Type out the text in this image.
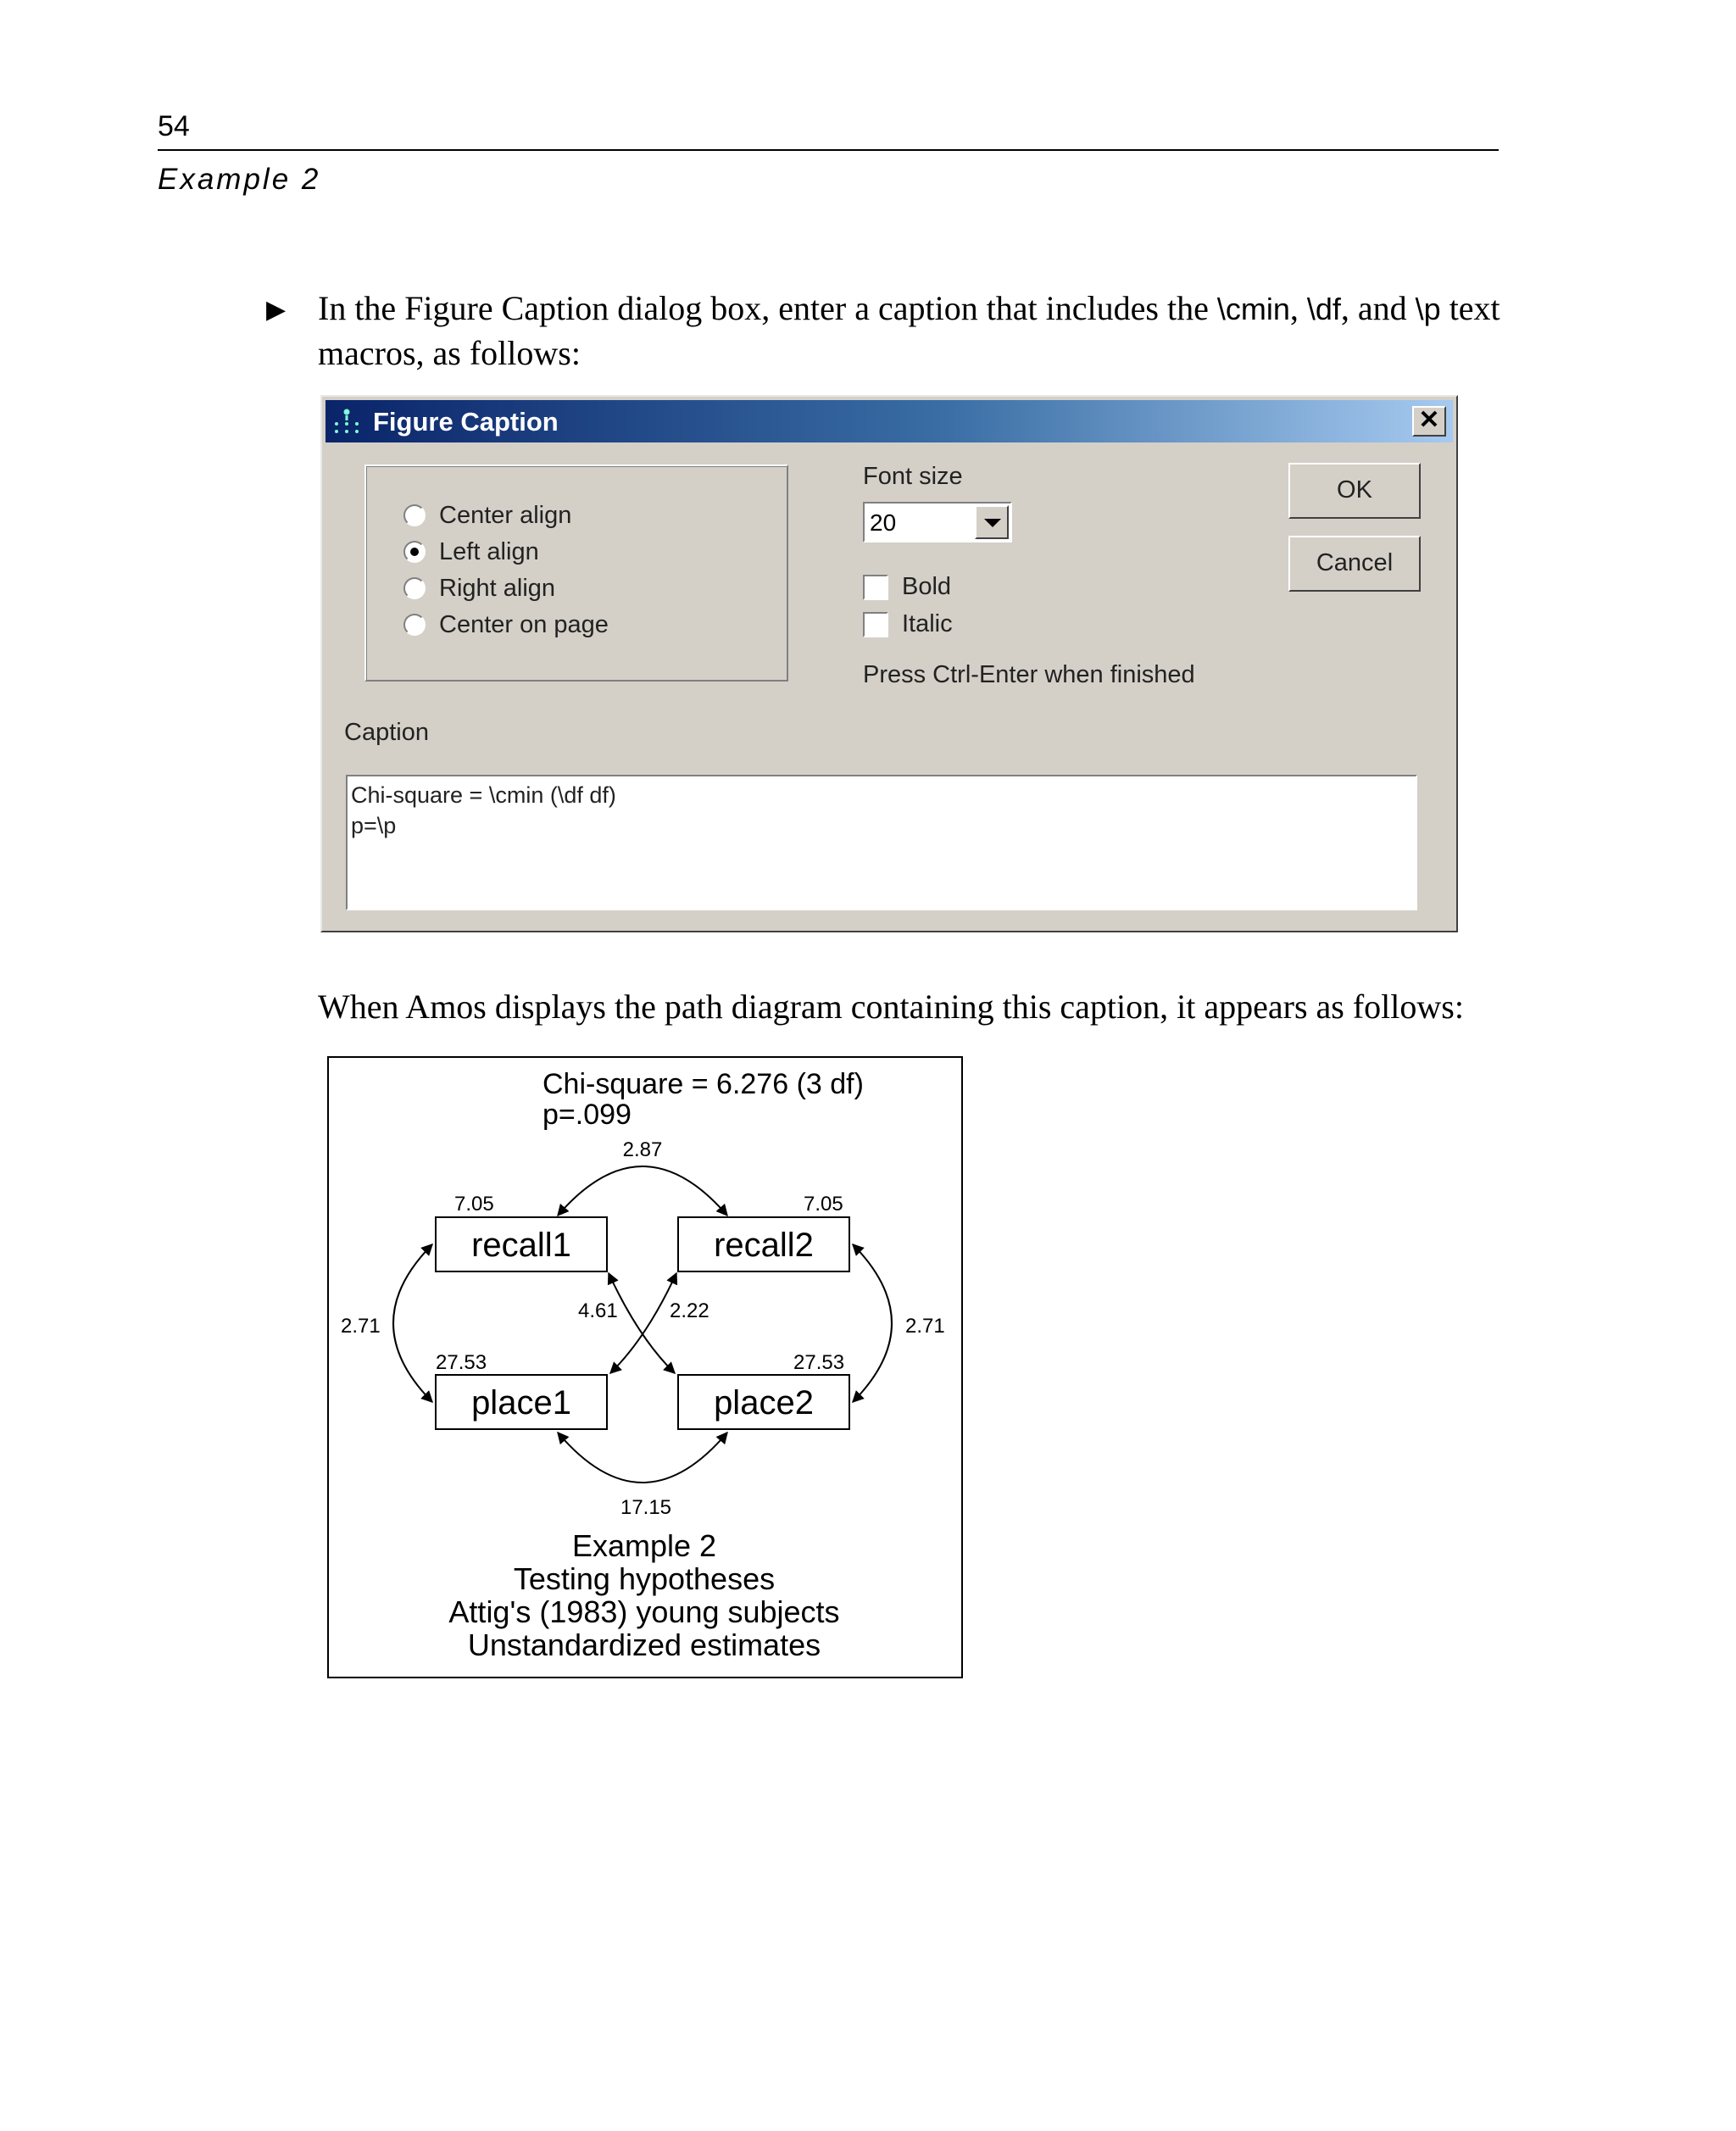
54
Example 2
▶ In the Figure Caption dialog box, enter a caption that includes the \cmin, \df, and \p text macros, as follows:
Figure Caption	✕
Center align
Left align
Right align
Center on page
Font size
20
Bold
Italic
Press Ctrl-Enter when finished
OK
Cancel
Caption
Chi-square = \cmin (\df df)
p=\p
When Amos displays the path diagram containing this caption, it appears as follows:
Chi-square = 6.276 (3 df)
p=.099
recall1	recall2
place1	place2
7.05	7.05
27.53	27.53
2.87
17.15
2.71	2.71
4.61	2.22
Example 2
Testing hypotheses
Attig's (1983) young subjects
Unstandardized estimates
